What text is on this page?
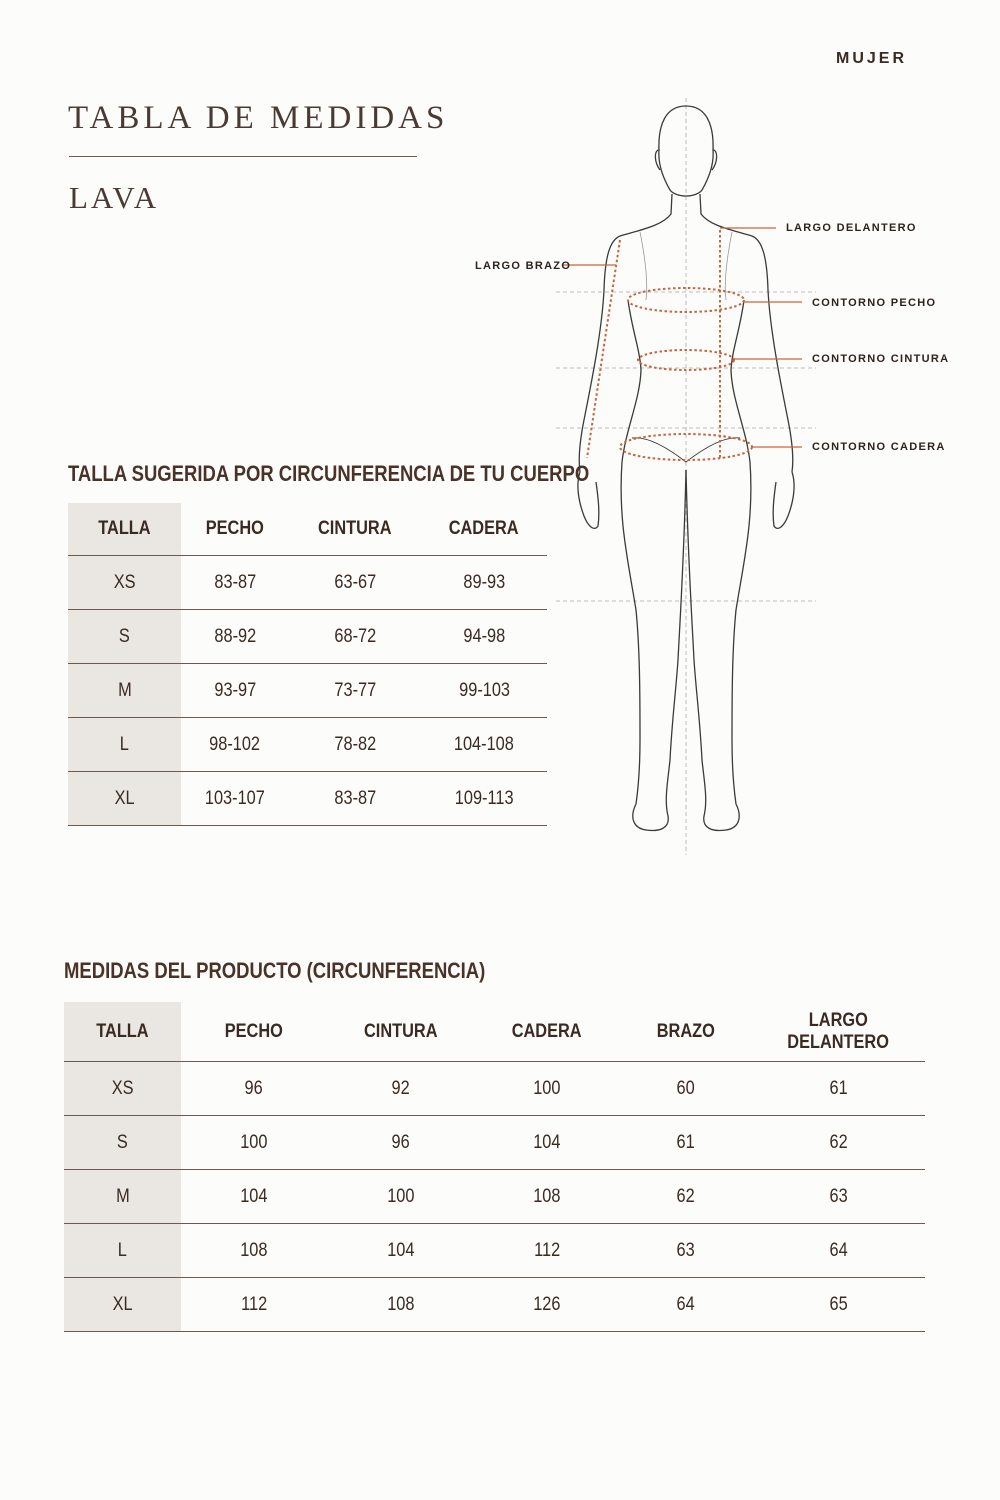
MUJER
TABLA DE MEDIDAS
LAVA
LARGO DELANTERO
LARGO BRAZO
CONTORNO PECHO
CONTORNO CINTURA
CONTORNO CADERA
TALLA SUGERIDA POR CIRCUNFERENCIA DE TU CUERPO
TALLA	PECHO	CINTURA	CADERA
XS	83-87	63-67	89-93
S	88-92	68-72	94-98
M	93-97	73-77	99-103
L	98-102	78-82	104-108
XL	103-107	83-87	109-113
MEDIDAS DEL PRODUCTO (CIRCUNFERENCIA)
TALLA	PECHO	CINTURA	CADERA	BRAZO	LARGO
DELANTERO
XS	96	92	100	60	61
S	100	96	104	61	62
M	104	100	108	62	63
L	108	104	112	63	64
XL	112	108	126	64	65
